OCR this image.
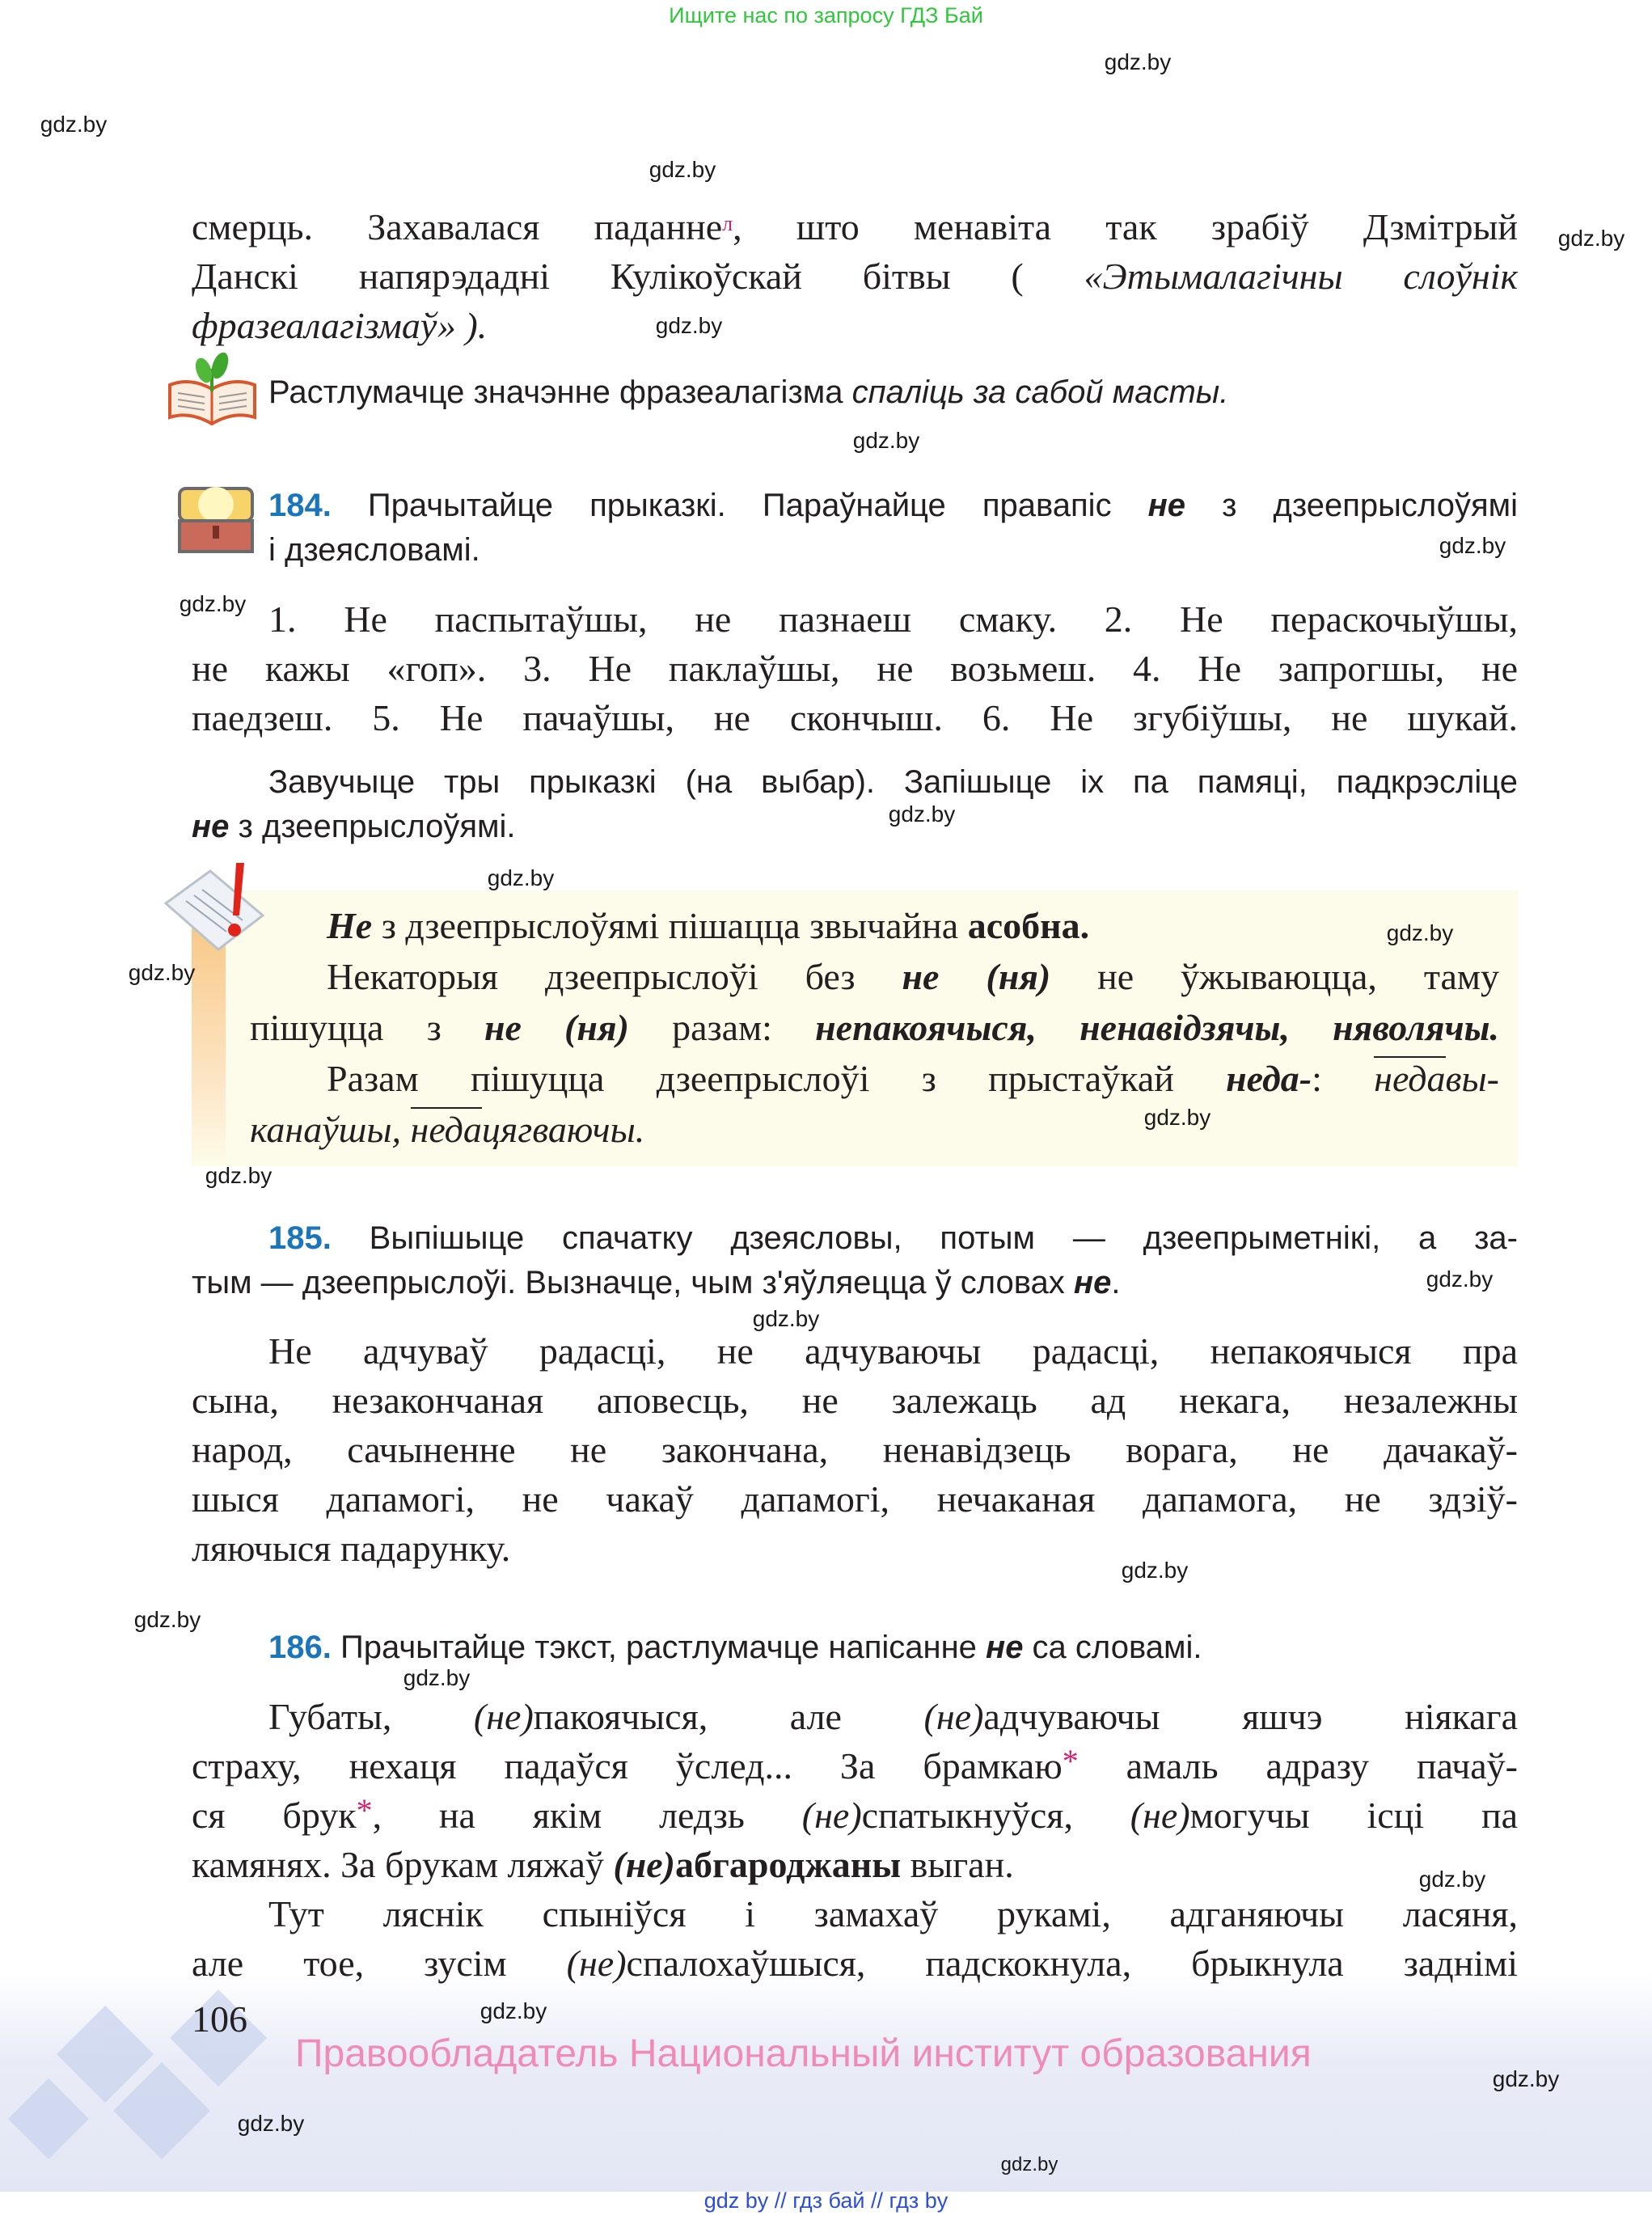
Ищите нас по запросу ГДЗ Бай
смерць. Захавалася паданне$^л$, што менавіта так зрабіў Дзмітрый
Данскі напярэдадні Кулікоўскай бітвы ( «Этымалагічны слоўнік
фразеалагізмаў» ).
Растлумачце значэнне фразеалагізма спаліць за сабой масты.
184. Прачытайце прыказкі. Параўнайце правапіс не з дзеепрыслоўямі
і дзеясловамі.
1. Не паспытаўшы, не пазнаеш смаку. 2. Не пераскочыўшы,
не кажы «гоп». 3. Не паклаўшы, не возьмеш. 4. Не запрогшы, не
паедзеш. 5. Не пачаўшы, не скончыш. 6. Не згубіўшы, не шукай.
Завучыце тры прыказкі (на выбар). Запішыце іх па памяці, падкрэсліце
не з дзеепрыслоўямі.
Не з дзеепрыслоўямі пішацца звычайна асобна.
Некаторыя дзеепрыслоўі без не (ня) не ўжываюцца, таму
пішуцца з не (ня) разам: непакоячыся, ненавідзячы, няволячы.
Разам пішуцца дзеепрыслоўі з прыстаўкай неда-: недавы-
канаўшы, недацягваючы.
185. Выпішыце спачатку дзеясловы, потым — дзеепрыметнікі, а за-
тым — дзеепрыслоўі. Вызначце, чым з'яўляецца ў словах не.
Не адчуваў радасці, не адчуваючы радасці, непакоячыся пра
сына, незакончаная аповесць, не залежаць ад некага, незалежны
народ, сачыненне не закончана, ненавідзець ворага, не дачакаў-
шыся дапамогі, не чакаў дапамогі, нечаканая дапамога, не здзіў-
ляючыся падарунку.
186. Прачытайце тэкст, растлумачце напісанне не са словамі.
Губаты, (не)пакоячыся, але (не)адчуваючы яшчэ ніякага
страху, нехаця падаўся ўслед... За брамкаю* амаль адразу пачаў-
ся брук*, на якім ледзь (не)спатыкнуўся, (не)могучы ісці па
камянях. За брукам ляжаў (не)абгароджаны выган.
Тут ляснік спыніўся і замахаў рукамі, адганяючы ласяня,
але тое, зусім (не)спалохаўшыся, падскокнула, брыкнула заднімі
106
Правообладатель Национальный институт образования
gdz by // гдз бай // гдз by
gdz.by
gdz.by
gdz.by
gdz.by
gdz.by
gdz.by
gdz.by
gdz.by
gdz.by
gdz.by
gdz.by
gdz.by
gdz.by
gdz.by
gdz.by
gdz.by
gdz.by
gdz.by
gdz.by
gdz.by
gdz.by
gdz.by
gdz.by
gdz.by
